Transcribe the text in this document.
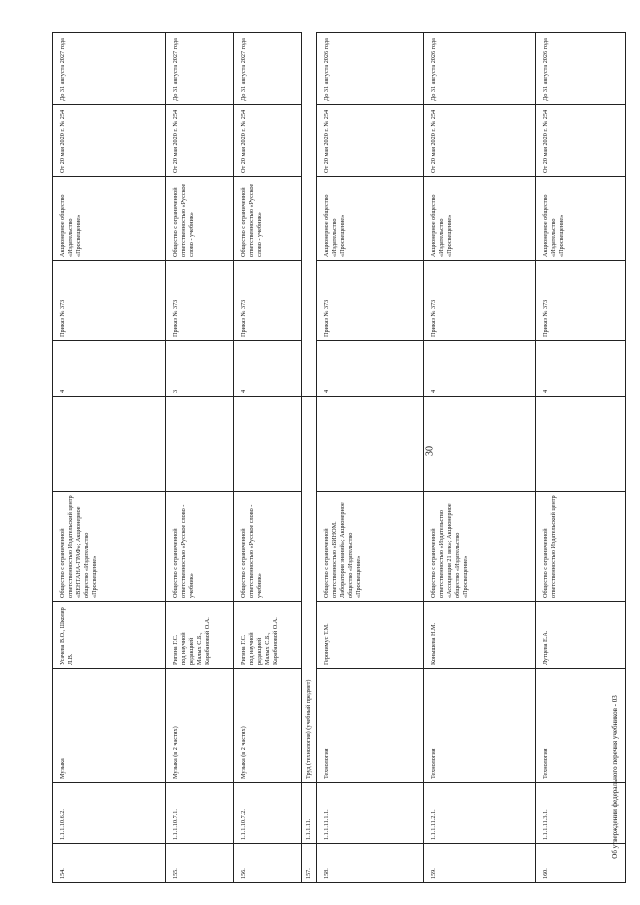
30
Об утверждении федерального перечня учебников - 03
154.	1.1.1.10.6.2.	Музыка	Усачева В.О., Школяр Л.В.	Общество с ограниченной ответственностью Издательский центр «ВЕНТАНА-ГРАФ»; Акционерное общество «Издательство «Просвещение»		4	Приказ № 373	Акционерное общество «Издательство «Просвещение»	От 20 мая 2020 г. № 254	До 31 августа 2027 года
155.	1.1.1.10.7.1.	Музыка (в 2 частях)	Ригина Г.С.
под научной
редакцией
Малых С.Б.,
Карабановой О.А.	Общество с ограниченной ответственностью «Русское слово - учебник»		3	Приказ № 373	Общество с ограниченной ответственностью «Русское слово - учебник»	От 20 мая 2020 г. № 254	До 31 августа 2027 года
156.	1.1.1.10.7.2.	Музыка (в 2 частях)	Ригина Г.С.
под научной
редакцией
Малых С.Б.,
Карабановой О.А.	Общество с ограниченной ответственностью «Русское слово - учебник»		4	Приказ № 373	Общество с ограниченной ответственностью «Русское слово - учебник»	От 20 мая 2020 г. № 254	До 31 августа 2027 года
157.	1.1.1.11.	Труд (технология) (учебный предмет)								
158.	1.1.1.11.1.1.	Технология	Геронимус Т.М.	Общество с ограниченной ответственностью «БИНОМ. Лаборатория знаний»; Акционерное общество «Издательство «Просвещение»		4	Приказ № 373	Акционерное общество «Издательство «Просвещение»	От 20 мая 2020 г. № 254	До 31 августа 2026 года
159.	1.1.1.11.2.1.	Технология	Конышева Н.М.	Общество с ограниченной ответственностью «Издательство «Ассоциация 21 век»; Акционерное общество «Издательство «Просвещение»		4	Приказ № 373	Акционерное общество «Издательство «Просвещение»	От 20 мая 2020 г. № 254	До 31 августа 2026 года
160.	1.1.1.11.3.1.	Технология	Лутцева Е.А.	Общество с ограниченной ответственностью Издательский центр		4	Приказ № 373	Акционерное общество «Издательство «Просвещение»	От 20 мая 2020 г. № 254	До 31 августа 2026 года
